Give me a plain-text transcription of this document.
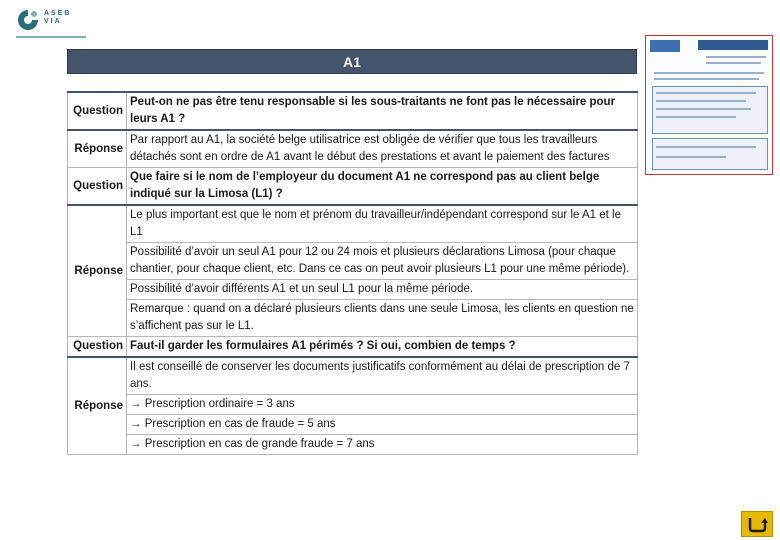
ASEB
VIA
A1
Question	Peut-on ne pas être tenu responsable si les sous-traitants ne font pas le nécessaire pour leurs A1 ?
Réponse	Par rapport au A1, la société belge utilisatrice est obligée de vérifier que tous les travailleurs détachés sont en ordre de A1 avant le début des prestations et avant le paiement des factures
Question	Que faire si le nom de l’employeur du document A1 ne correspond pas au client belge indiqué sur la Limosa (L1) ?
Réponse	Le plus important est que le nom et prénom du travailleur/indépendant correspond sur le A1 et le L1
	Possibilité d’avoir un seul A1 pour 12 ou 24 mois et plusieurs déclarations Limosa (pour chaque chantier, pour chaque client, etc. Dans ce cas on peut avoir plusieurs L1 pour une même période).
	Possibilité d’avoir différents A1 et un seul L1 pour la même période.
	Remarque : quand on a déclaré plusieurs clients dans une seule Limosa, les clients en question ne s’affichent pas sur le L1.
Question	Faut-il garder les formulaires A1 périmés ? Si oui, combien de temps ?
Réponse	Il est conseillé de conserver les documents justificatifs conformément au délai de prescription de 7 ans.
	→ Prescription ordinaire = 3 ans
	→ Prescription en cas de fraude = 5 ans
	→ Prescription en cas de grande fraude = 7 ans
